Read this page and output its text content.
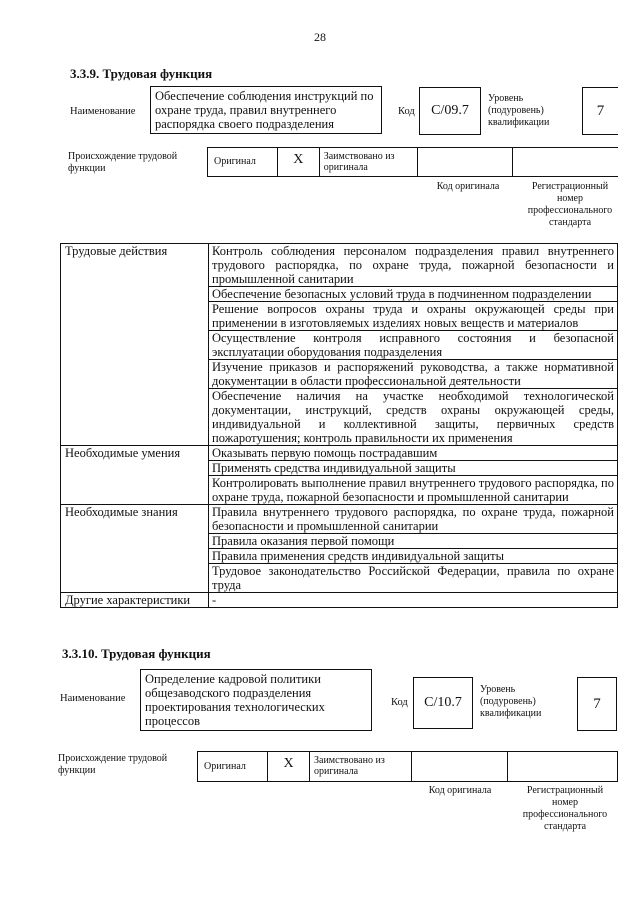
28
3.3.9. Трудовая функция
Наименование
Обеспечение соблюдения инструкций по охране труда, правил внутреннего распорядка своего подразделения
Код	C/09.7
Уровень (подуровень) квалификации
7
Происхождение трудовой функции
Оригинал	X	Заимствовано из оригинала
Код оригинала	Регистрационный номер профессионального стандарта
Трудовые действия	Контроль соблюдения персоналом подразделения правил внутреннего трудового распорядка, по охране труда, пожарной безопасности и промышленной санитарии
	Обеспечение безопасных условий труда в подчиненном подразделении
	Решение вопросов охраны труда и охраны окружающей среды при применении в изготовляемых изделиях новых веществ и материалов
	Осуществление контроля исправного состояния и безопасной эксплуатации оборудования подразделения
	Изучение приказов и распоряжений руководства, а также нормативной документации в области профессиональной деятельности
	Обеспечение наличия на участке необходимой технологической документации, инструкций, средств охраны окружающей среды, индивидуальной и коллективной защиты, первичных средств пожаротушения; контроль правильности их применения
Необходимые умения	Оказывать первую помощь пострадавшим
	Применять средства индивидуальной защиты
	Контролировать выполнение правил внутреннего трудового распорядка, по охране труда, пожарной безопасности и промышленной санитарии
Необходимые знания	Правила внутреннего трудового распорядка, по охране труда, пожарной безопасности и промышленной санитарии
	Правила оказания первой помощи
	Правила применения средств индивидуальной защиты
	Трудовое законодательство Российской Федерации, правила по охране труда
Другие характеристики	-
3.3.10. Трудовая функция
Наименование
Определение кадровой политики общезаводского подразделения проектирования технологических процессов
Код	C/10.7
Уровень (подуровень) квалификации
7
Происхождение трудовой функции	Оригинал	X	Заимствовано из оригинала
Код оригинала	Регистрационный номер профессионального стандарта
